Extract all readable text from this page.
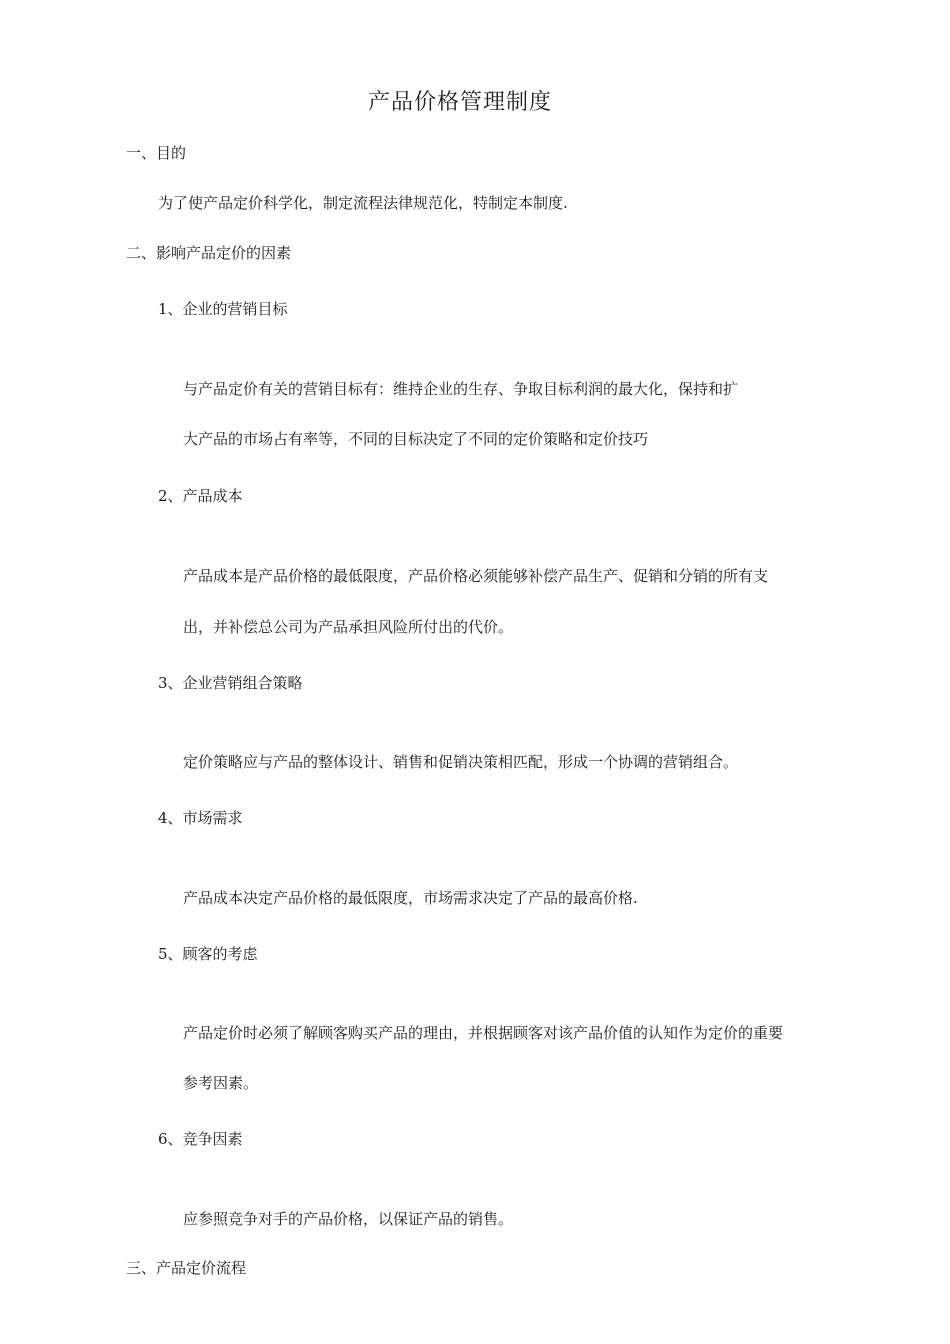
产品价格管理制度
一、目的
为了使产品定价科学化，制定流程法律规范化，特制定本制度.
二、影响产品定价的因素
1、企业的营销目标
与产品定价有关的营销目标有：维持企业的生存、争取目标利润的最大化，保持和扩
大产品的市场占有率等，不同的目标决定了不同的定价策略和定价技巧
2、产品成本
产品成本是产品价格的最低限度，产品价格必须能够补偿产品生产、促销和分销的所有支
出，并补偿总公司为产品承担风险所付出的代价。
3、企业营销组合策略
定价策略应与产品的整体设计、销售和促销决策相匹配，形成一个协调的营销组合。
4、市场需求
产品成本决定产品价格的最低限度，市场需求决定了产品的最高价格.
5、顾客的考虑
产品定价时必须了解顾客购买产品的理由，并根据顾客对该产品价值的认知作为定价的重要
参考因素。
6、竞争因素
应参照竞争对手的产品价格，以保证产品的销售。
三、产品定价流程
